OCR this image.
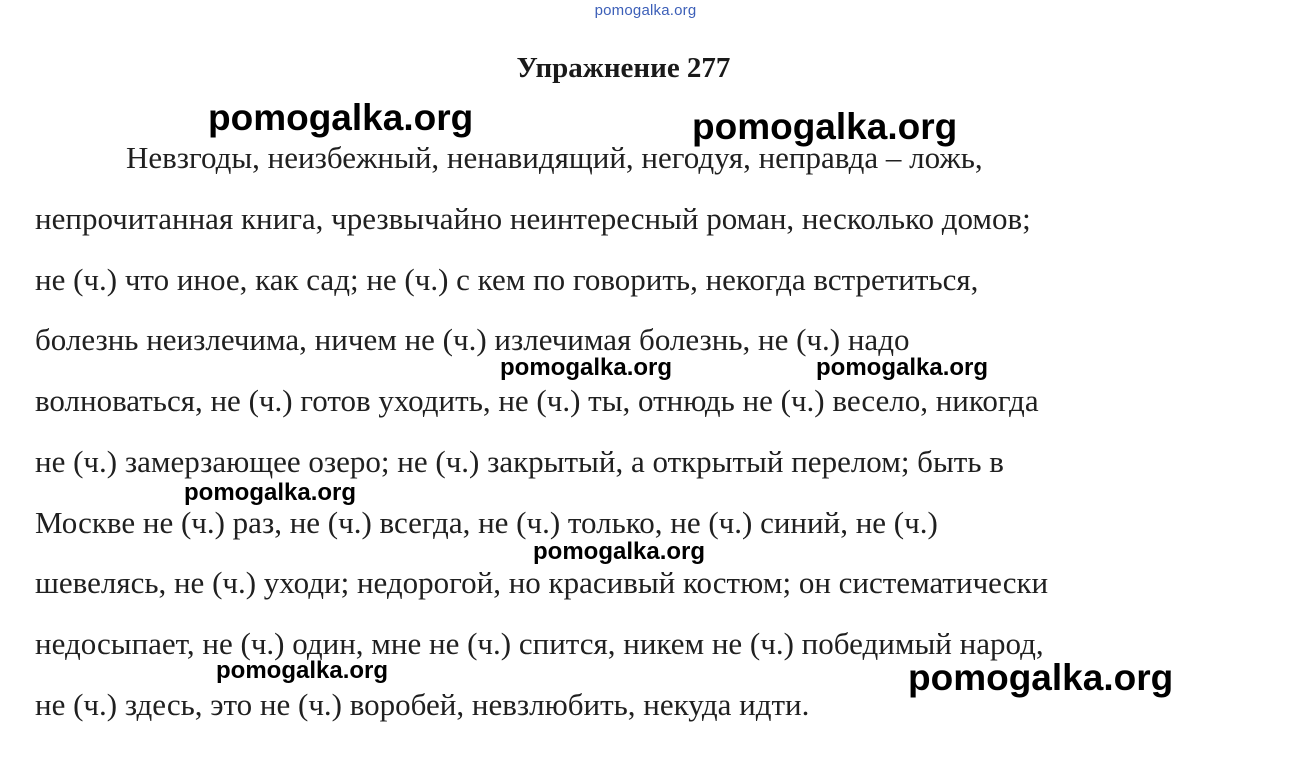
pomogalka.org
Упражнение 277
Невзгоды, неизбежный, ненавидящий, негодуя, неправда – ложь,
непрочитанная книга, чрезвычайно неинтересный роман, несколько домов;
не (ч.) что иное, как сад; не (ч.) с кем по говорить, некогда встретиться,
болезнь неизлечима, ничем не (ч.) излечимая болезнь, не (ч.) надо
волноваться, не (ч.) готов уходить, не (ч.) ты, отнюдь не (ч.) весело, никогда
не (ч.) замерзающее озеро; не (ч.) закрытый, а открытый перелом; быть в
Москве не (ч.) раз, не (ч.) всегда, не (ч.) только, не (ч.) синий, не (ч.)
шевелясь, не (ч.) уходи; недорогой, но красивый костюм; он систематически
недосыпает, не (ч.) один, мне не (ч.) спится, никем не (ч.) победимый народ,
не (ч.) здесь, это не (ч.) воробей, невзлюбить, некуда идти.
pomogalka.org	pomogalka.org
pomogalka.org	pomogalka.org
pomogalka.org
pomogalka.org
pomogalka.org	pomogalka.org
